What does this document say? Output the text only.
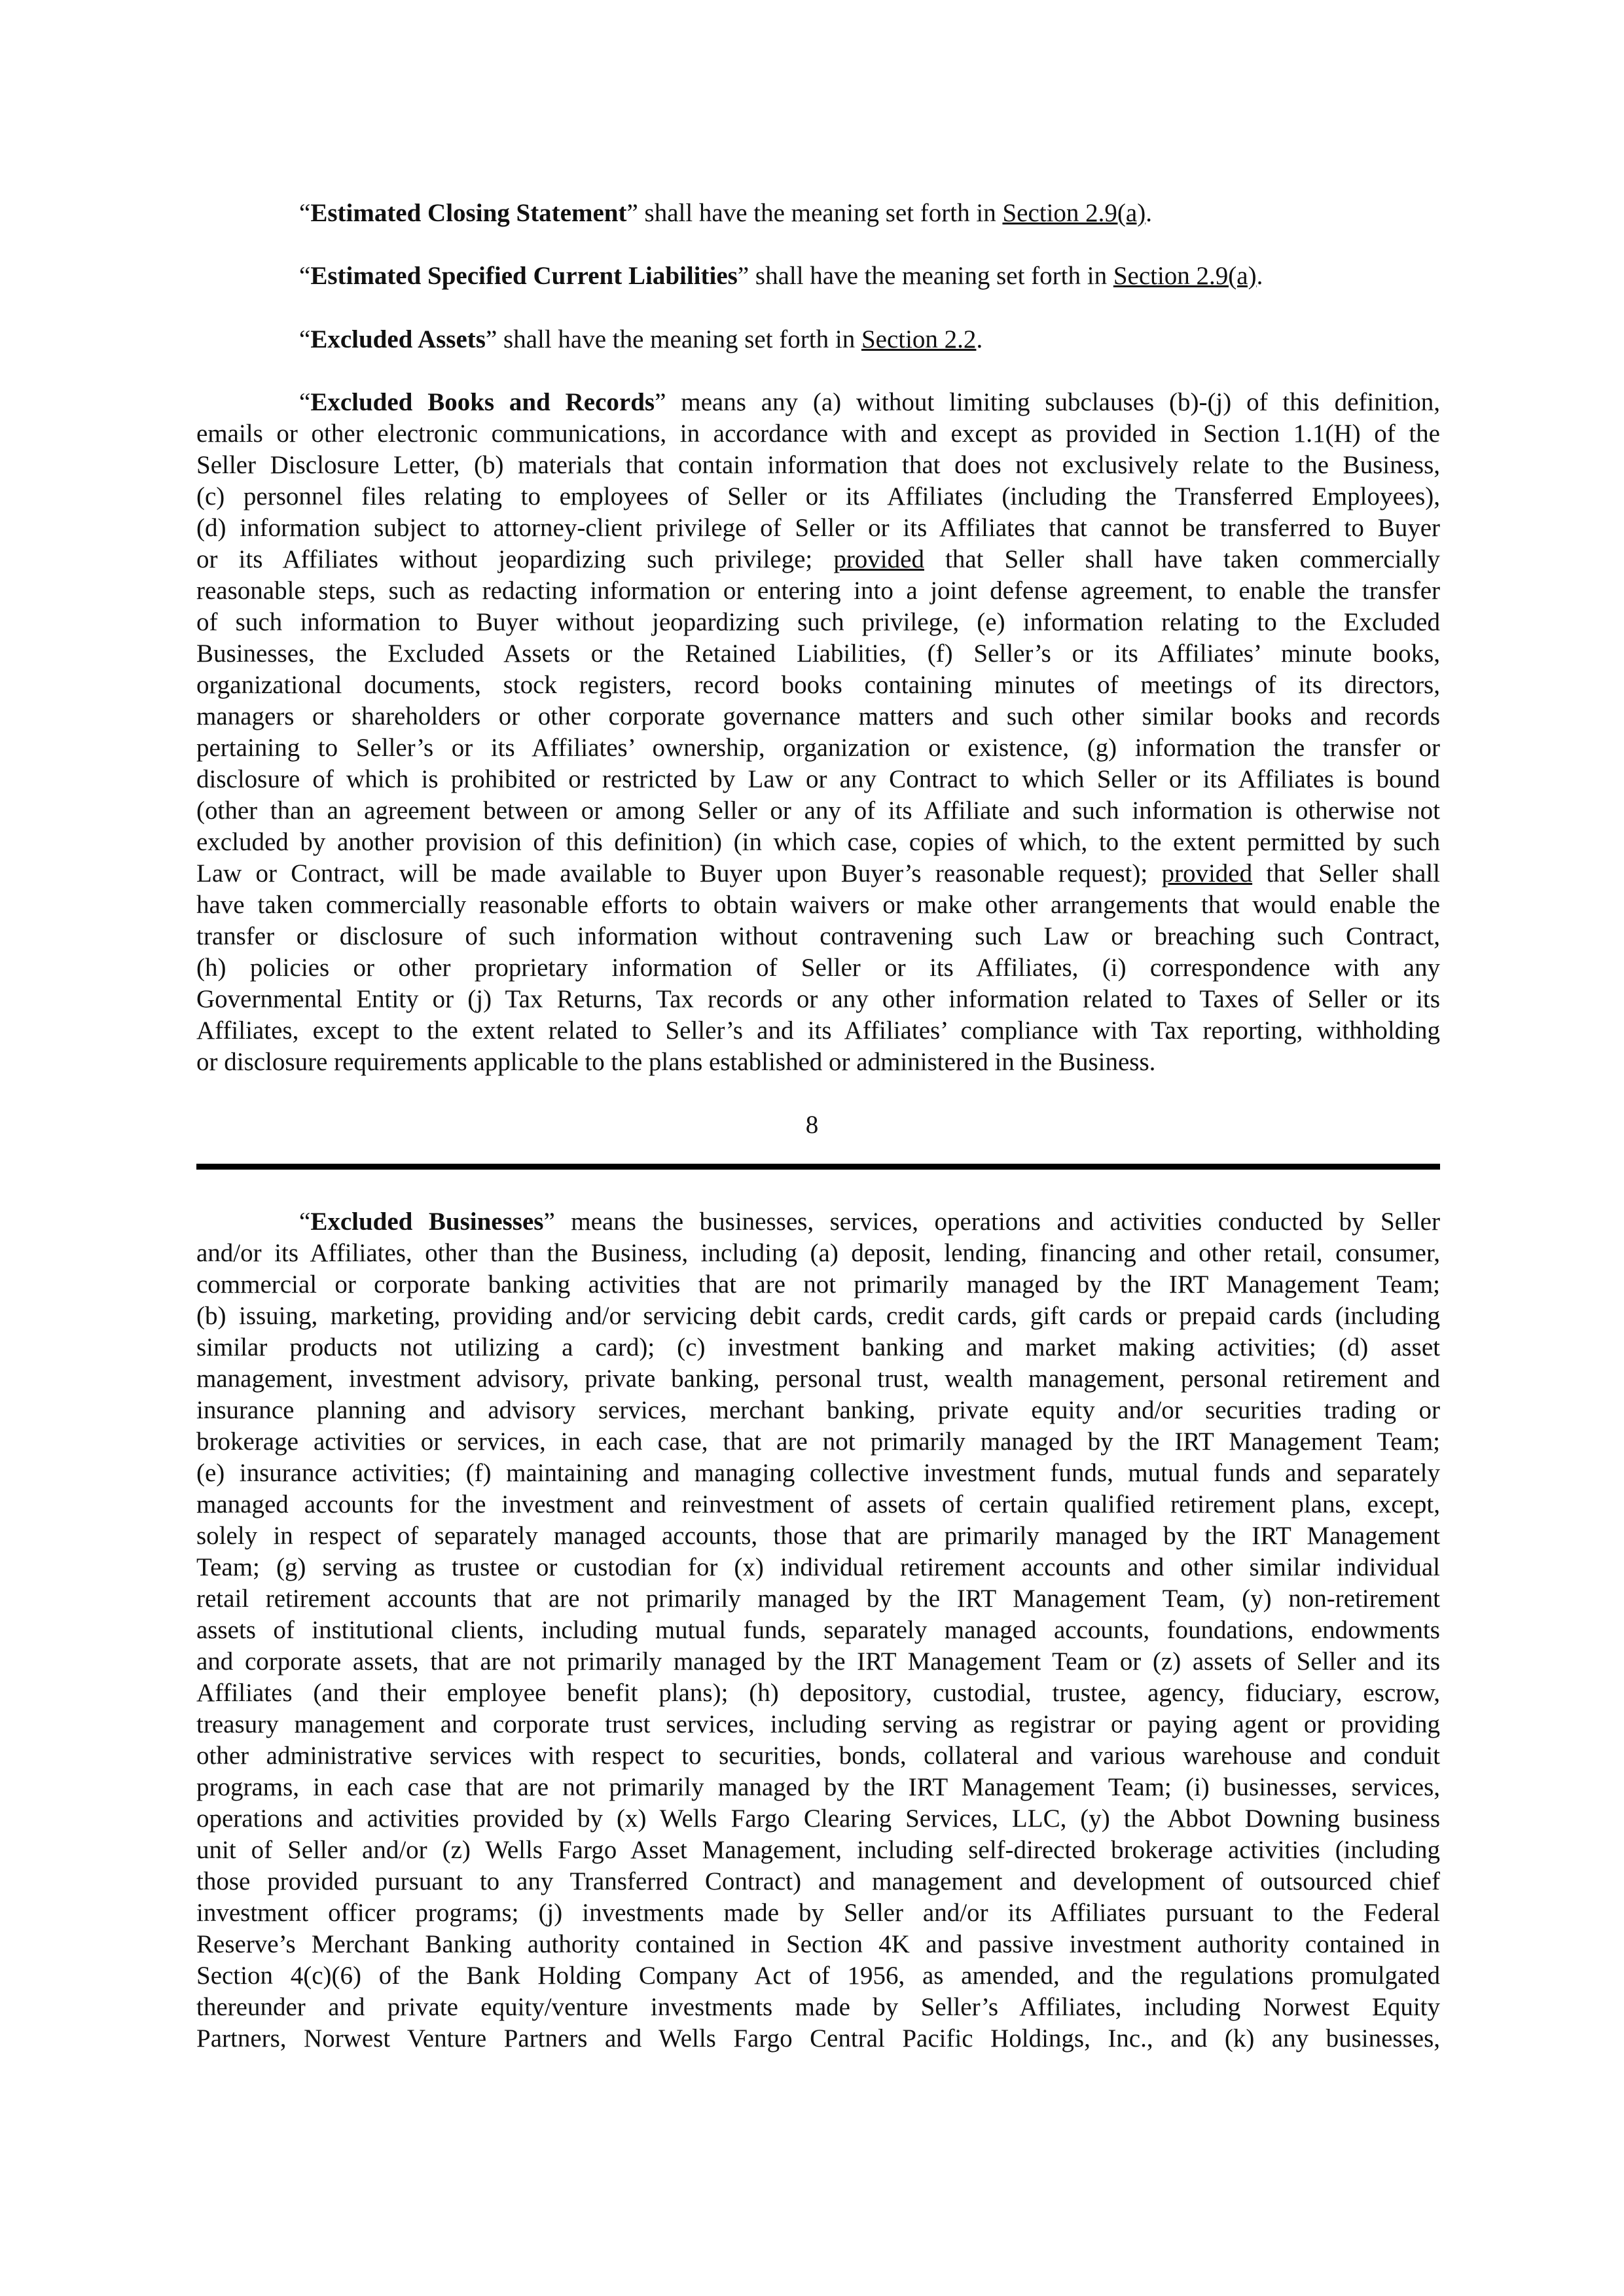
“Estimated Closing Statement” shall have the meaning set forth in Section 2.9(a).
“Estimated Specified Current Liabilities” shall have the meaning set forth in Section 2.9(a).
“Excluded Assets” shall have the meaning set forth in Section 2.2.
“Excluded Books and Records” means any (a) without limiting subclauses (b)-(j) of this definition,
emails or other electronic communications, in accordance with and except as provided in Section 1.1(H) of the
Seller Disclosure Letter, (b) materials that contain information that does not exclusively relate to the Business,
(c) personnel files relating to employees of Seller or its Affiliates (including the Transferred Employees),
(d) information subject to attorney-client privilege of Seller or its Affiliates that cannot be transferred to Buyer
or its Affiliates without jeopardizing such privilege; provided that Seller shall have taken commercially
reasonable steps, such as redacting information or entering into a joint defense agreement, to enable the transfer
of such information to Buyer without jeopardizing such privilege, (e) information relating to the Excluded
Businesses, the Excluded Assets or the Retained Liabilities, (f) Seller’s or its Affiliates’ minute books,
organizational documents, stock registers, record books containing minutes of meetings of its directors,
managers or shareholders or other corporate governance matters and such other similar books and records
pertaining to Seller’s or its Affiliates’ ownership, organization or existence, (g) information the transfer or
disclosure of which is prohibited or restricted by Law or any Contract to which Seller or its Affiliates is bound
(other than an agreement between or among Seller or any of its Affiliate and such information is otherwise not
excluded by another provision of this definition) (in which case, copies of which, to the extent permitted by such
Law or Contract, will be made available to Buyer upon Buyer’s reasonable request); provided that Seller shall
have taken commercially reasonable efforts to obtain waivers or make other arrangements that would enable the
transfer or disclosure of such information without contravening such Law or breaching such Contract,
(h) policies or other proprietary information of Seller or its Affiliates, (i) correspondence with any
Governmental Entity or (j) Tax Returns, Tax records or any other information related to Taxes of Seller or its
Affiliates, except to the extent related to Seller’s and its Affiliates’ compliance with Tax reporting, withholding
or disclosure requirements applicable to the plans established or administered in the Business.
8
“Excluded Businesses” means the businesses, services, operations and activities conducted by Seller
and/or its Affiliates, other than the Business, including (a) deposit, lending, financing and other retail, consumer,
commercial or corporate banking activities that are not primarily managed by the IRT Management Team;
(b) issuing, marketing, providing and/or servicing debit cards, credit cards, gift cards or prepaid cards (including
similar products not utilizing a card); (c) investment banking and market making activities; (d) asset
management, investment advisory, private banking, personal trust, wealth management, personal retirement and
insurance planning and advisory services, merchant banking, private equity and/or securities trading or
brokerage activities or services, in each case, that are not primarily managed by the IRT Management Team;
(e) insurance activities; (f) maintaining and managing collective investment funds, mutual funds and separately
managed accounts for the investment and reinvestment of assets of certain qualified retirement plans, except,
solely in respect of separately managed accounts, those that are primarily managed by the IRT Management
Team; (g) serving as trustee or custodian for (x) individual retirement accounts and other similar individual
retail retirement accounts that are not primarily managed by the IRT Management Team, (y) non-retirement
assets of institutional clients, including mutual funds, separately managed accounts, foundations, endowments
and corporate assets, that are not primarily managed by the IRT Management Team or (z) assets of Seller and its
Affiliates (and their employee benefit plans); (h) depository, custodial, trustee, agency, fiduciary, escrow,
treasury management and corporate trust services, including serving as registrar or paying agent or providing
other administrative services with respect to securities, bonds, collateral and various warehouse and conduit
programs, in each case that are not primarily managed by the IRT Management Team; (i) businesses, services,
operations and activities provided by (x) Wells Fargo Clearing Services, LLC, (y) the Abbot Downing business
unit of Seller and/or (z) Wells Fargo Asset Management, including self-directed brokerage activities (including
those provided pursuant to any Transferred Contract) and management and development of outsourced chief
investment officer programs; (j) investments made by Seller and/or its Affiliates pursuant to the Federal
Reserve’s Merchant Banking authority contained in Section 4K and passive investment authority contained in
Section 4(c)(6) of the Bank Holding Company Act of 1956, as amended, and the regulations promulgated
thereunder and private equity/venture investments made by Seller’s Affiliates, including Norwest Equity
Partners, Norwest Venture Partners and Wells Fargo Central Pacific Holdings, Inc., and (k) any businesses,
